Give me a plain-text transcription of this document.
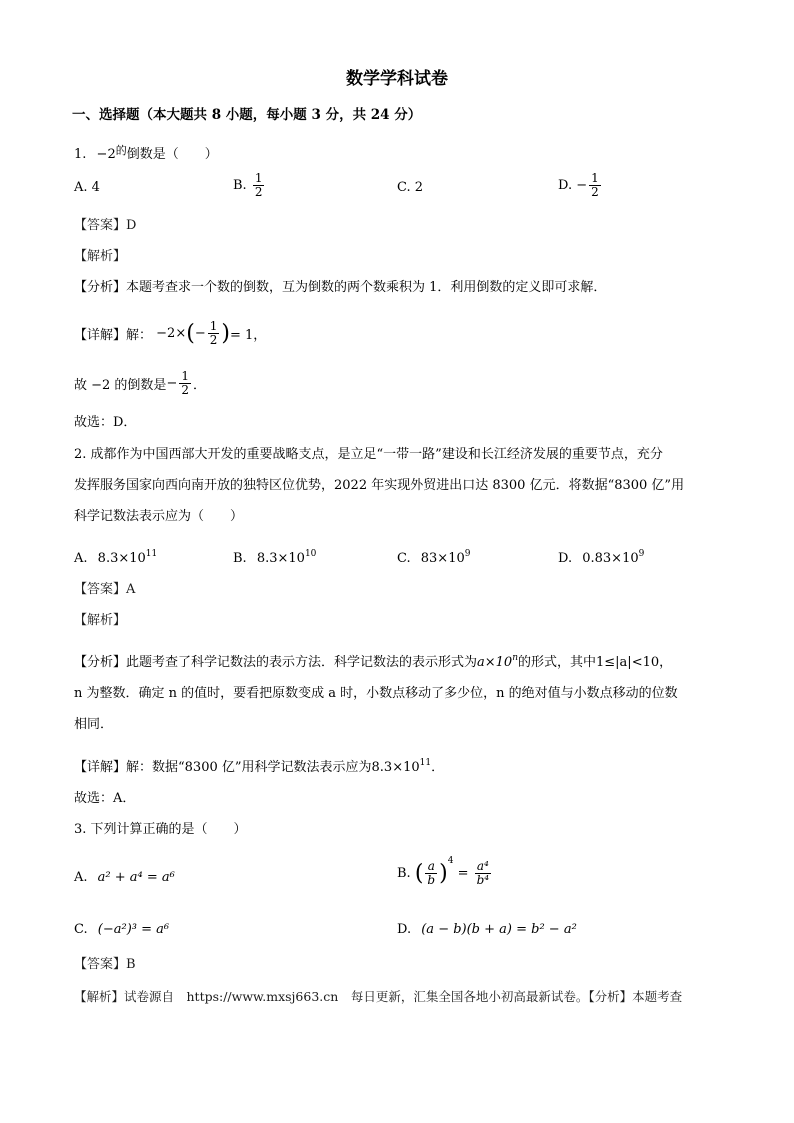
数学学科试卷
一、选择题（本大题共 8 小题，每小题 3 分，共 24 分）
1. $-2^的$倒数是（　　）
A. 4	B. $\frac{1}{2}$	C. 2	D. − $\frac{1}{2}$
【答案】D
【解析】
【分析】本题考查求一个数的倒数，互为倒数的两个数乘积为 1．利用倒数的定义即可求解．
【详解】解： $-2\times(- \frac{1}{2}$ )= 1，
故 −2 的倒数是− $\frac{1}{2}$ ．
故选：D．
2. 成都作为中国西部大开发的重要战略支点，是立足“一带一路”建设和长江经济发展的重要节点，充分
发挥服务国家向西向南开放的独特区位优势，2022 年实现外贸进出口达 8300 亿元．将数据“8300 亿”用
科学记数法表示应为（　　）
A. $8.3\times 10^{11}$	B. $8.3\times 10^{10}$	C. $83\times 10^9$	D. $0.83\times 10^9$
【答案】A
【解析】
【分析】此题考查了科学记数法的表示方法．科学记数法的表示形式为$a\times 10^n$的形式，其中1≤|a|<10，
n 为整数．确定 n 的值时，要看把原数变成 a 时，小数点移动了多少位，n 的绝对值与小数点移动的位数
相同．
【详解】解：数据“8300 亿”用科学记数法表示应为$8.3\times 10^{11}$．
故选：A．
3. 下列计算正确的是（　　）
A. a² + a⁴ = a⁶	B. ( $\frac{a}{b} )^4 = \frac{\text{a⁴}}{\text{b⁴}}$
C. (−a²)³ = a⁶	D. (a − b)(b + a) = b² − a²
【答案】B
【解析】试卷源自　https://www.mxsj663.cn　每日更新，汇集全国各地小初高最新试卷。【分析】本题考查
